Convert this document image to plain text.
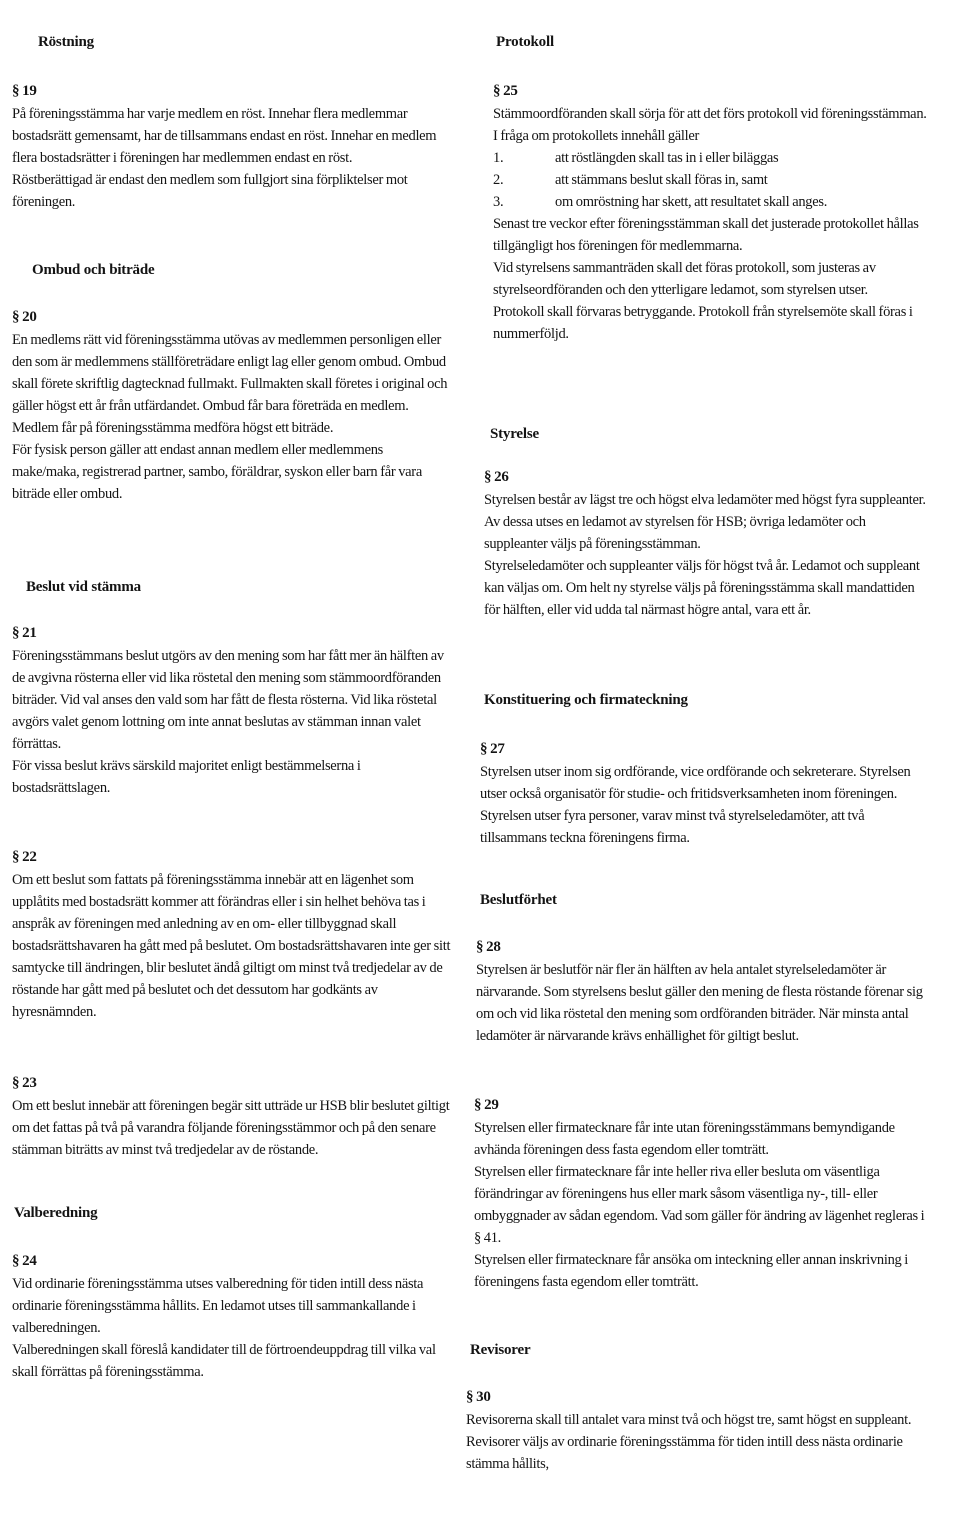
Röstning
§ 19

På föreningsstämma har varje medlem en röst. Innehar flera medlemmar bostadsrätt gemensamt, har de tillsammans endast en röst. Innehar en medlem flera bostadsrätter i föreningen har medlemmen endast en röst.

Röstberättigad är endast den medlem som fullgjort sina förpliktelser mot föreningen.

Ombud och biträde
§ 20

En medlems rätt vid föreningsstämma utövas av medlemmen personligen eller den som är medlemmens ställföreträdare enligt lag eller genom ombud. Ombud skall förete skriftlig dagtecknad fullmakt. Fullmakten skall företes i original och gäller högst ett år från utfärdandet. Ombud får bara företräda en medlem.

Medlem får på föreningsstämma medföra högst ett biträde.

För fysisk person gäller att endast annan medlem eller medlemmens make/maka, registrerad partner, sambo, föräldrar, syskon eller barn får vara biträde eller ombud.

Beslut vid stämma
§ 21

Föreningsstämmans beslut utgörs av den mening som har fått mer än hälften av de avgivna rösterna eller vid lika röstetal den mening som stämmoordföranden biträder. Vid val anses den vald som har fått de flesta rösterna. Vid lika röstetal avgörs valet genom lottning om inte annat beslutas av stämman innan valet förrättas.

För vissa beslut krävs särskild majoritet enligt bestämmelserna i bostadsrättslagen.

§ 22

Om ett beslut som fattats på föreningsstämma innebär att en lägenhet som upplåtits med bostadsrätt kommer att förändras eller i sin helhet behöva tas i anspråk av föreningen med anledning av en om- eller tillbyggnad skall bostadsrättshavaren ha gått med på beslutet. Om bostadsrättshavaren inte ger sitt samtycke till ändringen, blir beslutet ändå giltigt om minst två tredjedelar av de röstande har gått med på beslutet och det dessutom har godkänts av hyresnämnden.

§ 23

Om ett beslut innebär att föreningen begär sitt utträde ur HSB blir beslutet giltigt om det fattas på två på varandra följande föreningsstämmor och på den senare stämman biträtts av minst två tredjedelar av de röstande.

Valberedning
§ 24

Vid ordinarie föreningsstämma utses valberedning för tiden intill dess nästa ordinarie föreningsstämma hållits. En ledamot utses till sammankallande i valberedningen.

Valberedningen skall föreslå kandidater till de förtroendeuppdrag till vilka val skall förrättas på föreningsstämma.

Protokoll
§ 25

Stämmoordföranden skall sörja för att det förs protokoll vid föreningsstämman. I fråga om protokollets innehåll gäller

1.	att röstlängden skall tas in i eller biläggas
2.	att stämmans beslut skall föras in, samt
3.	om omröstning har skett, att resultatet skall anges.

Senast tre veckor efter föreningsstämman skall det justerade protokollet hållas tillgängligt hos föreningen för medlemmarna.

Vid styrelsens sammanträden skall det föras protokoll, som justeras av styrelseordföranden och den ytterligare ledamot, som styrelsen utser.

Protokoll skall förvaras betryggande. Protokoll från styrelsemöte skall föras i nummerföljd.

Styrelse
§ 26

Styrelsen består av lägst tre och högst elva ledamöter med högst fyra suppleanter. Av dessa utses en ledamot av styrelsen för HSB; övriga ledamöter och suppleanter väljs på föreningsstämman.

Styrelseledamöter och suppleanter väljs för högst två år. Ledamot och suppleant kan väljas om. Om helt ny styrelse väljs på föreningsstämma skall mandattiden för hälften, eller vid udda tal närmast högre antal, vara ett år.

Konstituering och firmateckning
§ 27

Styrelsen utser inom sig ordförande, vice ordförande och sekreterare. Styrelsen utser också organisatör för studie- och fritidsverksamheten inom föreningen.

Styrelsen utser fyra personer, varav minst två styrelseledamöter, att två tillsammans teckna föreningens firma.

Beslutförhet
§ 28

Styrelsen är beslutför när fler än hälften av hela antalet styrelseledamöter är närvarande. Som styrelsens beslut gäller den mening de flesta röstande förenar sig om och vid lika röstetal den mening som ordföranden biträder. När minsta antal ledamöter är närvarande krävs enhällighet för giltigt beslut.

§ 29

Styrelsen eller firmatecknare får inte utan föreningsstämmans bemyndigande avhända föreningen dess fasta egendom eller tomträtt.

Styrelsen eller firmatecknare får inte heller riva eller besluta om väsentliga förändringar av föreningens hus eller mark såsom väsentliga ny-, till- eller ombyggnader av sådan egendom. Vad som gäller för ändring av lägenhet regleras i § 41.

Styrelsen eller firmatecknare får ansöka om inteckning eller annan inskrivning i föreningens fasta egendom eller tomträtt.

Revisorer
§ 30

Revisorerna skall till antalet vara minst två och högst tre, samt högst en suppleant. Revisorer väljs av ordinarie föreningsstämma för tiden intill dess nästa ordinarie stämma hållits,
